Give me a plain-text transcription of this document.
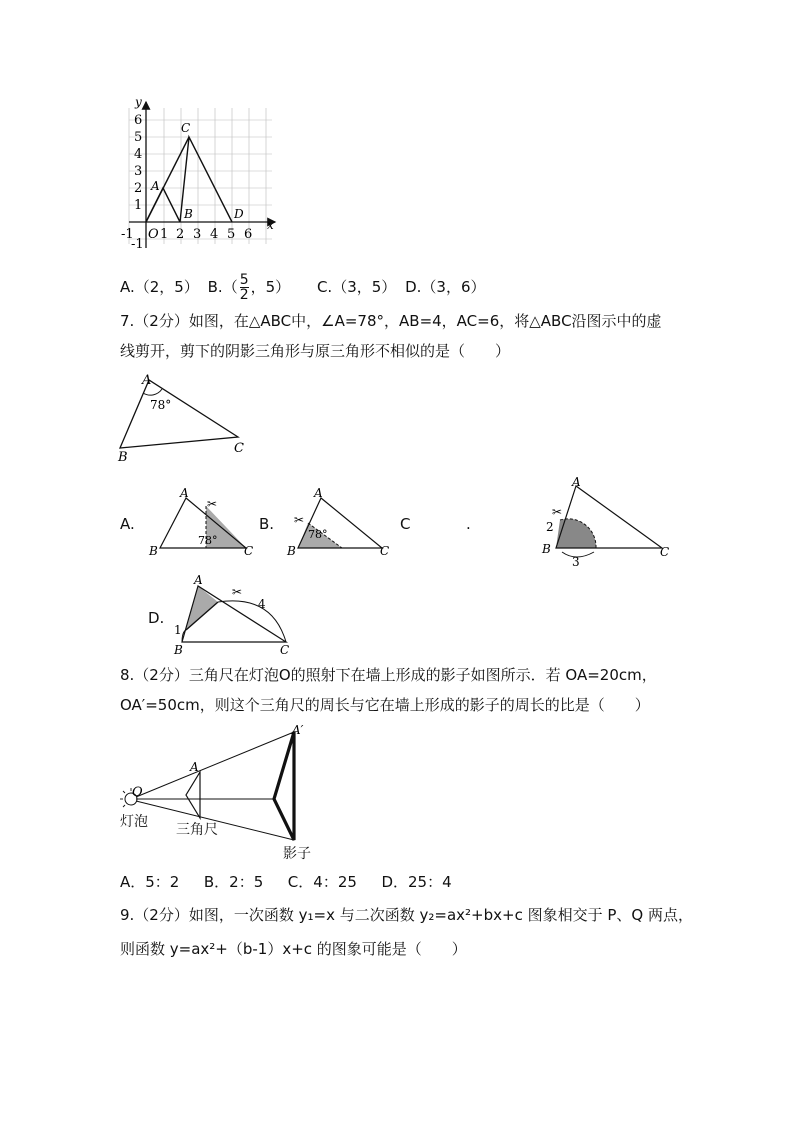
y
x
6
5
4
3
2
1
-1
-1 O 1 2 3 4 5 6
A
B
C
D
A.（2，5） $B.( \frac{5}{2}$ ，5） C.（3，5） D.（3，6）
7.（2分）如图，在△ABC中，∠A=78°，AB=4，AC=6，将△ABC沿图示中的虚
线剪开，剪下的阴影三角形与原三角形不相似的是（　　）
A
78°
B
C
A.
✂
78°
A
B	C
B. ✂
78°
A
B	C
C	.
✂
2
3
A
B	C
D.
✂
1
4
A
B	C
8.（2分）三角尺在灯泡O的照射下在墙上形成的影子如图所示．若 OA=20cm，
OA′=50cm，则这个三角尺的周长与它在墙上形成的影子的周长的比是（　　）
O
A
A′
灯泡 三角尺
影子
A．5：2　  B．2：5　  C．4：25　  D．25：4
9.（2分）如图，一次函数 y₁=x 与二次函数 y₂=ax²+bx+c 图象相交于 P、Q 两点，
则函数 y=ax²+（b-1）x+c 的图象可能是（　　）
